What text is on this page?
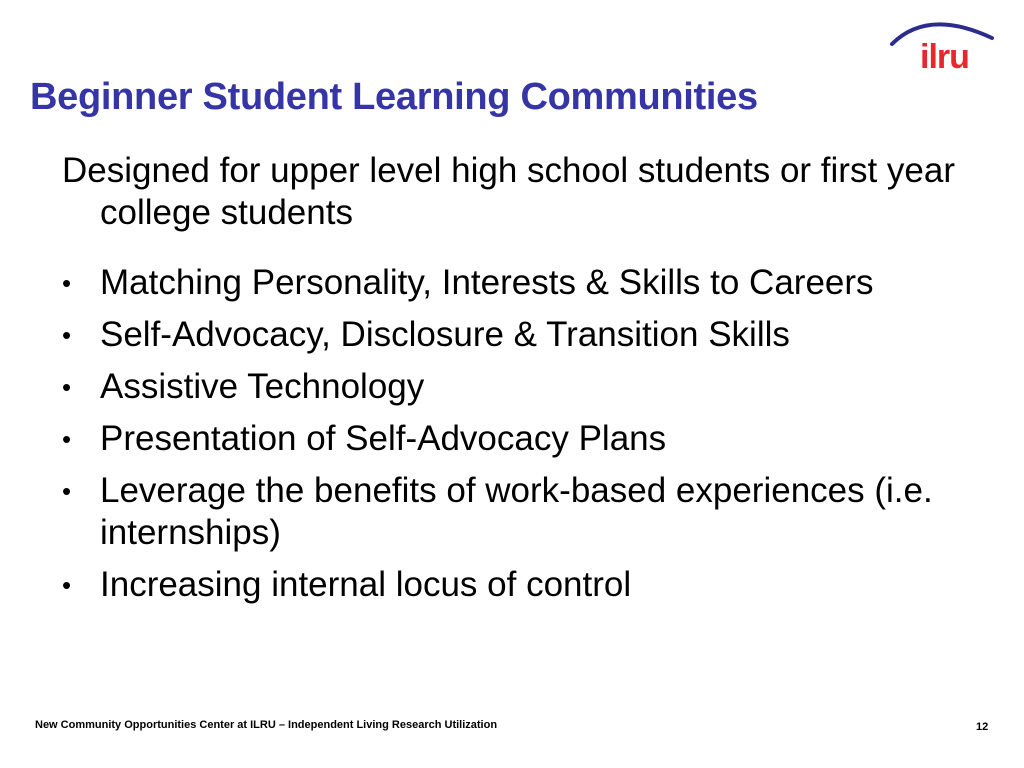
ilru
Beginner Student Learning Communities

Designed for upper level high school students or first year college students

• Matching Personality, Interests & Skills to Careers
• Self-Advocacy, Disclosure & Transition Skills
• Assistive Technology
• Presentation of Self-Advocacy Plans
• Leverage the benefits of work-based experiences (i.e. internships)
• Increasing internal locus of control
New Community Opportunities Center at ILRU – Independent Living Research Utilization	12
